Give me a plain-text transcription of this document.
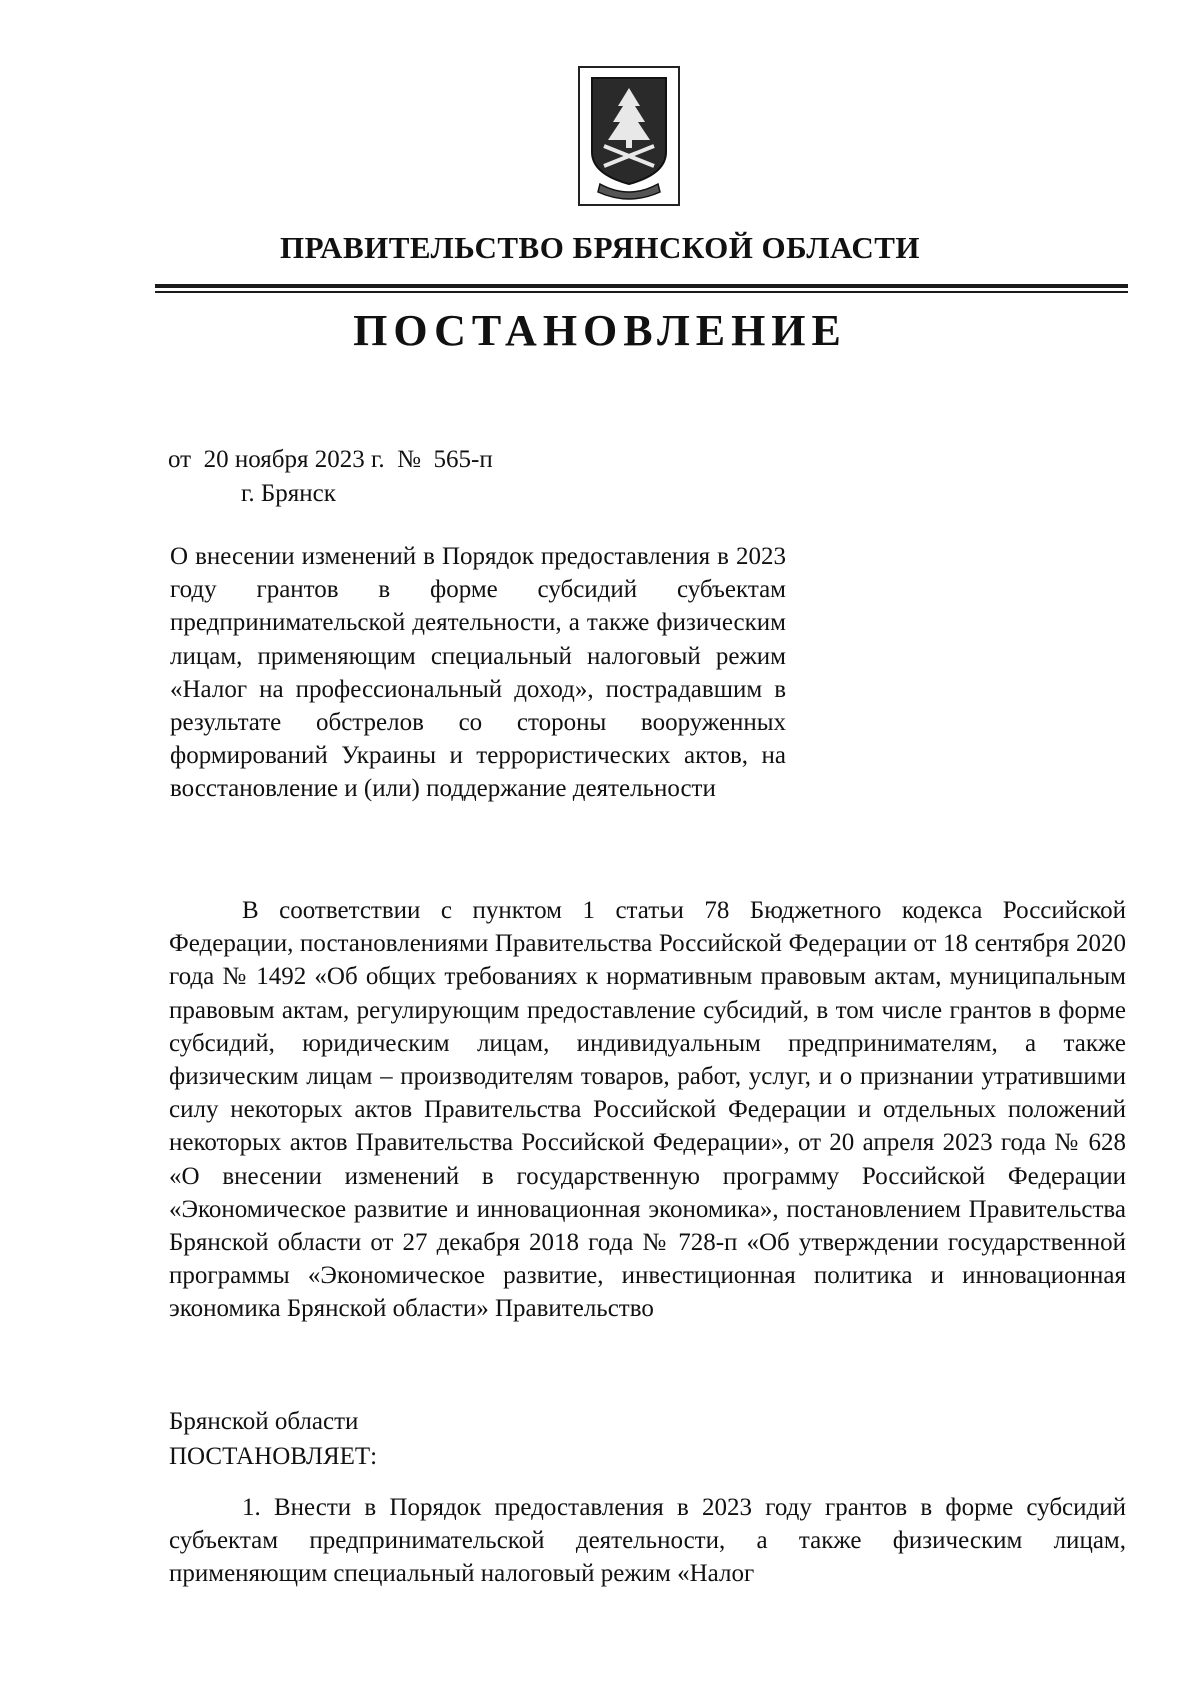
ПРАВИТЕЛЬСТВО БРЯНСКОЙ ОБЛАСТИ
ПОСТАНОВЛЕНИЕ
от  20 ноября 2023 г.  №  565-п
г. Брянск
О внесении изменений в Порядок предоставления в 2023 году грантов в форме субсидий субъектам предпринимательской деятельности, а также физическим лицам, применяющим специальный налоговый режим «Налог на профессиональный доход», пострадавшим в результате обстрелов со стороны вооруженных формирований Украины и террористических актов, на восстановление и (или) поддержание деятельности
В соответствии с пунктом 1 статьи 78 Бюджетного кодекса Российской Федерации, постановлениями Правительства Российской Федерации от 18 сентября 2020 года № 1492 «Об общих требованиях к нормативным правовым актам, муниципальным правовым актам, регулирующим предоставление субсидий, в том числе грантов в форме субсидий, юридическим лицам, индивидуальным предпринимателям, а также физическим лицам – производителям товаров, работ, услуг, и о признании утратившими силу некоторых актов Правительства Российской Федерации и отдельных положений некоторых актов Правительства Российской Федерации», от 20 апреля 2023 года № 628 «О внесении изменений в государственную программу Российской Федерации «Экономическое развитие и инновационная экономика», постановлением Правительства Брянской области от 27 декабря 2018 года № 728-п «Об утверждении государственной программы «Экономическое развитие, инвестиционная политика и инновационная экономика Брянской области» Правительство
Брянской области
ПОСТАНОВЛЯЕТ:
1. Внести в Порядок предоставления в 2023 году грантов в форме субсидий субъектам предпринимательской деятельности, а также физическим лицам, применяющим специальный налоговый режим «Налог
